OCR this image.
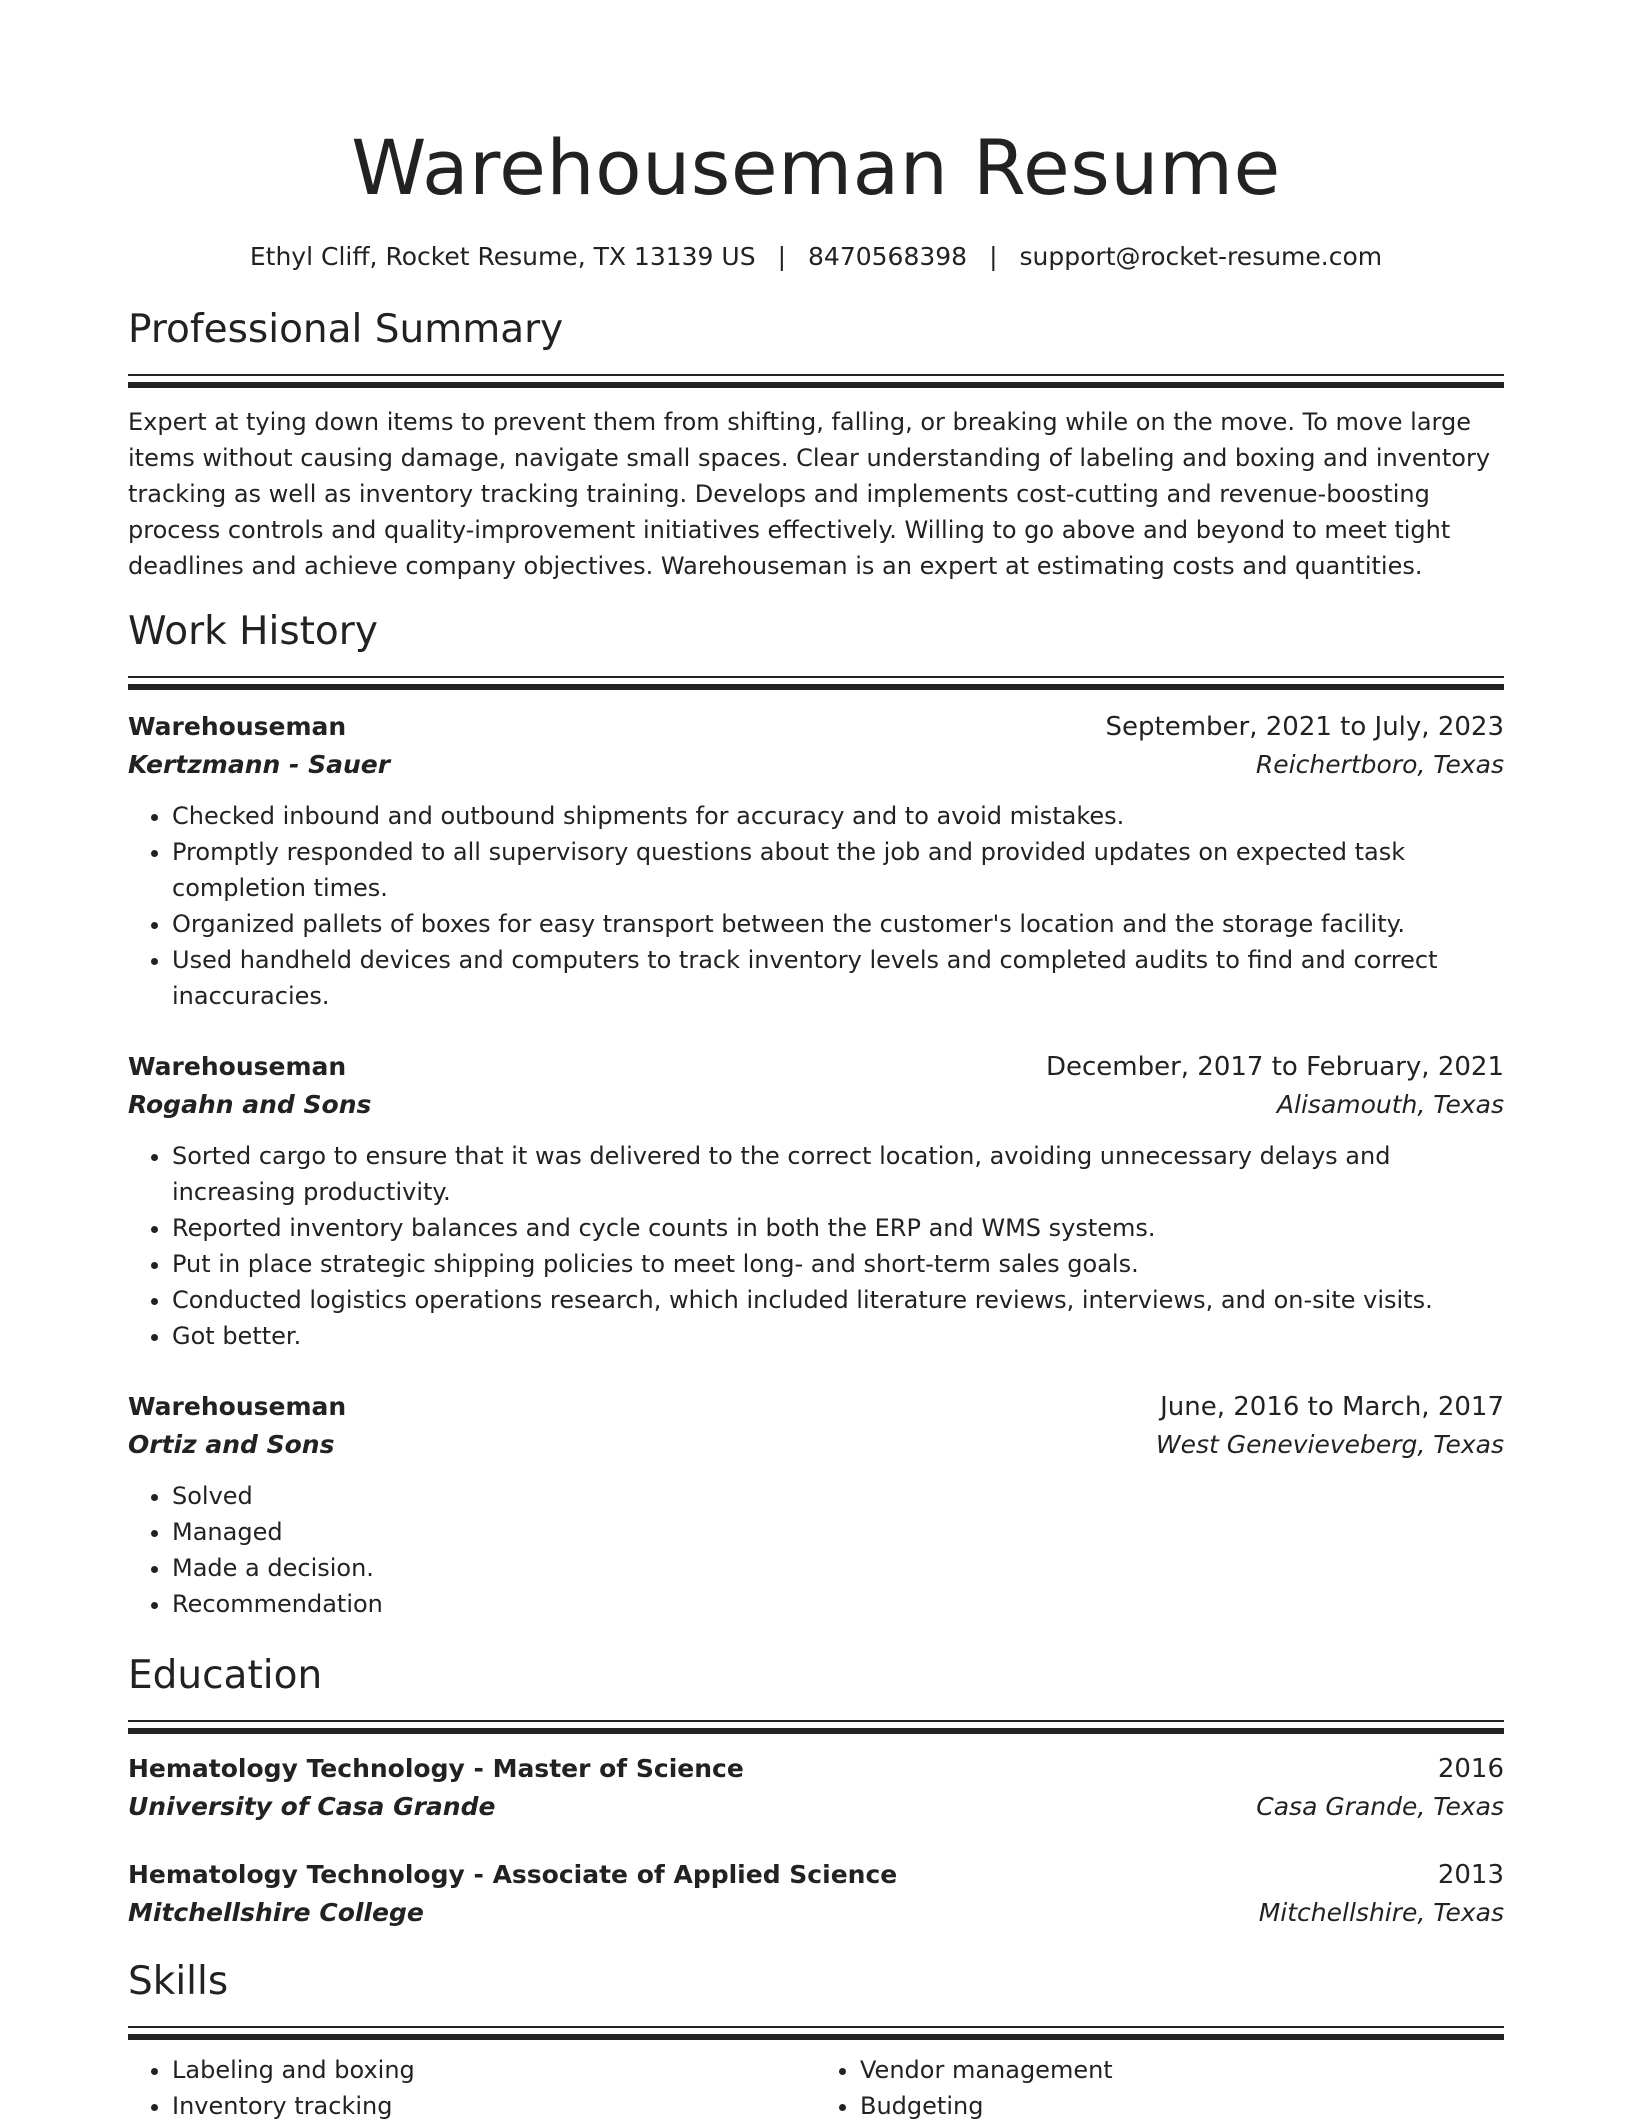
Warehouseman Resume
Ethyl Cliff, Rocket Resume, TX 13139 US | 8470568398 | support@rocket-resume.com
Professional Summary
Expert at tying down items to prevent them from shifting, falling, or breaking while on the move. To move large items without causing damage, navigate small spaces. Clear understanding of labeling and boxing and inventory tracking as well as inventory tracking training. Develops and implements cost-cutting and revenue-boosting process controls and quality-improvement initiatives effectively. Willing to go above and beyond to meet tight deadlines and achieve company objectives. Warehouseman is an expert at estimating costs and quantities.
Work History
Warehouseman	September, 2021 to July, 2023
Kertzmann - Sauer	Reichertboro, Texas
• Checked inbound and outbound shipments for accuracy and to avoid mistakes.
• Promptly responded to all supervisory questions about the job and provided updates on expected task completion times.
• Organized pallets of boxes for easy transport between the customer's location and the storage facility.
• Used handheld devices and computers to track inventory levels and completed audits to find and correct inaccuracies.
Warehouseman	December, 2017 to February, 2021
Rogahn and Sons	Alisamouth, Texas
• Sorted cargo to ensure that it was delivered to the correct location, avoiding unnecessary delays and increasing productivity.
• Reported inventory balances and cycle counts in both the ERP and WMS systems.
• Put in place strategic shipping policies to meet long- and short-term sales goals.
• Conducted logistics operations research, which included literature reviews, interviews, and on-site visits.
• Got better.
Warehouseman	June, 2016 to March, 2017
Ortiz and Sons	West Genevieveberg, Texas
• Solved
• Managed
• Made a decision.
• Recommendation
Education
Hematology Technology - Master of Science	2016
University of Casa Grande	Casa Grande, Texas
Hematology Technology - Associate of Applied Science	2013
Mitchellshire College	Mitchellshire, Texas
Skills
• Labeling and boxing
• Inventory tracking
• Vendor management
• Budgeting
